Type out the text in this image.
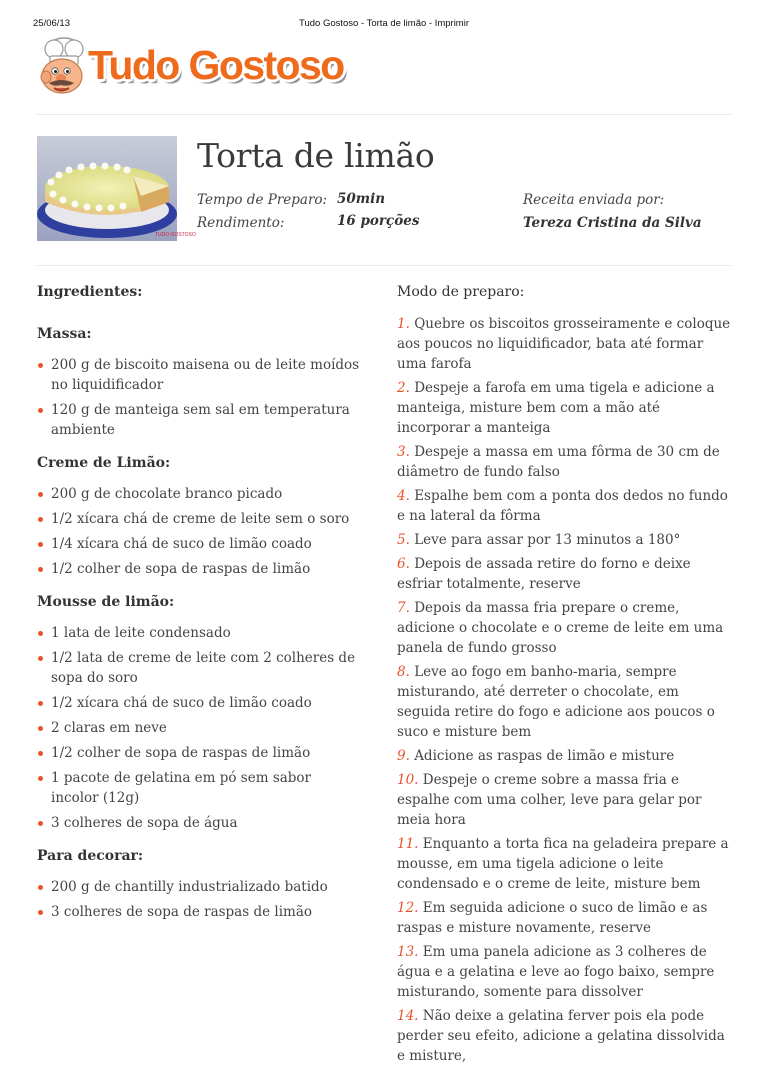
25/06/13	Tudo Gostoso - Torta de limão - Imprimir
Tudo Gostoso
TUDO GOSTOSO
Torta de limão
Tempo de Preparo: 50min
Rendimento:	16 porções
Receita enviada por:
Tereza Cristina da Silva
Ingredientes:
Massa:
200 g de biscoito maisena ou de leite moídos no liquidificador
120 g de manteiga sem sal em temperatura ambiente
Creme de Limão:
200 g de chocolate branco picado
1/2 xícara chá de creme de leite sem o soro
1/4 xícara chá de suco de limão coado
1/2 colher de sopa de raspas de limão
Mousse de limão:
1 lata de leite condensado
1/2 lata de creme de leite com 2 colheres de sopa do soro
1/2 xícara chá de suco de limão coado
2 claras em neve
1/2 colher de sopa de raspas de limão
1 pacote de gelatina em pó sem sabor incolor (12g)
3 colheres de sopa de água
Para decorar:
200 g de chantilly industrializado batido
3 colheres de sopa de raspas de limão
Modo de preparo:
1. Quebre os biscoitos grosseiramente e coloque aos poucos no liquidificador, bata até formar uma farofa
2. Despeje a farofa em uma tigela e adicione a manteiga, misture bem com a mão até incorporar a manteiga
3. Despeje a massa em uma fôrma de 30 cm de diâmetro de fundo falso
4. Espalhe bem com a ponta dos dedos no fundo e na lateral da fôrma
5. Leve para assar por 13 minutos a 180°
6. Depois de assada retire do forno e deixe esfriar totalmente, reserve
7. Depois da massa fria prepare o creme, adicione o chocolate e o creme de leite em uma panela de fundo grosso
8. Leve ao fogo em banho-maria, sempre misturando, até derreter o chocolate, em seguida retire do fogo e adicione aos poucos o suco e misture bem
9. Adicione as raspas de limão e misture
10. Despeje o creme sobre a massa fria e espalhe com uma colher, leve para gelar por meia hora
11. Enquanto a torta fica na geladeira prepare a mousse, em uma tigela adicione o leite condensado e o creme de leite, misture bem
12. Em seguida adicione o suco de limão e as raspas e misture novamente, reserve
13. Em uma panela adicione as 3 colheres de água e a gelatina e leve ao fogo baixo, sempre misturando, somente para dissolver
14. Não deixe a gelatina ferver pois ela pode perder seu efeito, adicione a gelatina dissolvida e misture,
